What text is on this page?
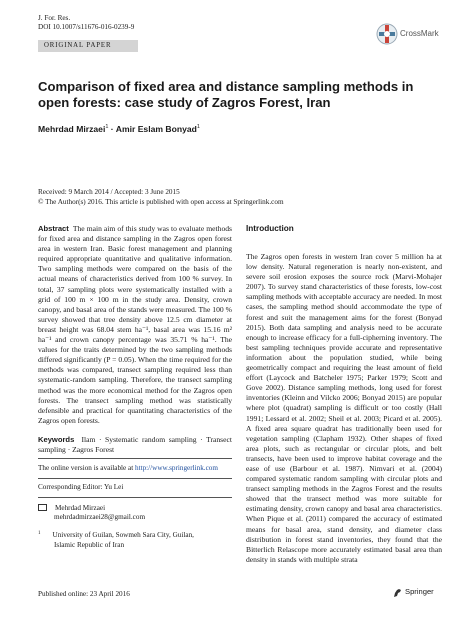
J. For. Res.
DOI 10.1007/s11676-016-0239-9
ORIGINAL PAPER
CrossMark
Comparison of fixed area and distance sampling methods in open forests: case study of Zagros Forest, Iran
Mehrdad Mirzaei$^1$ · Amir Eslam Bonyad$^1$
Received: 9 March 2014 / Accepted: 3 June 2015
© The Author(s) 2016. This article is published with open access at Springerlink.com

Abstract The main aim of this study was to evaluate methods for fixed area and distance sampling in the Zagros open forest area in western Iran. Basic forest management and planning required appropriate quantitative and qualitative information. Two sampling methods were compared on the basis of the actual means of characteristics derived from 100 % survey. In total, 37 sampling plots were systematically installed with a grid of 100 m × 100 m in the study area. Density, crown canopy, and basal area of the stands were measured. The 100 % survey showed that tree density above 12.5 cm diameter at breast height was 68.04 stem ha⁻¹, basal area was 15.16 m² ha⁻¹ and crown canopy percentage was 35.71 % ha⁻¹. The values for the traits determined by the two sampling methods differed significantly (P = 0.05). When the time required for the methods was compared, transect sampling required less than systematic-random sampling. Therefore, the transect sampling method was the more economical method for the Zagros open forests. The transect sampling method was statistically defensible and practical for quantitating characteristics of the Zagros open forests.

Keywords Ilam · Systematic random sampling · Transect sampling · Zagros Forest

The online version is available at http://www.springerlink.com
Corresponding Editor: Yu Lei
Mehrdad Mirzaei
mehrdadmirzaei28@gmail.com
$^1$ University of Guilan, Sowmeh Sara City, Guilan,
Islamic Republic of Iran
Introduction

The Zagros open forests in western Iran cover 5 million ha at low density. Natural regeneration is nearly non-existent, and severe soil erosion exposes the source rock (Marvi-Mohajer 2007). To survey stand characteristics of these forests, low-cost sampling methods with acceptable accuracy are needed. In most cases, the sampling method should accommodate the type of forest and suit the management aims for the forest (Bonyad 2015). Both data sampling and analysis need to be accurate enough to increase efficacy for a full-cipherning inventory. The best sampling techniques provide accurate and representative information about the population studied, while being geometrically compact and requiring the least amount of field effort (Laycock and Batcheler 1975; Parker 1979; Scott and Gove 2002). Distance sampling methods, long used for forest inventories (Kleinn and Vilcko 2006; Bonyad 2015) are popular where plot (quadrat) sampling is difficult or too costly (Hall 1991; Lessard et al. 2002; Sheil et al. 2003; Picard et al. 2005). A fixed area square quadrat has traditionally been used for vegetation sampling (Clapham 1932). Other shapes of fixed area plots, such as rectangular or circular plots, and belt transects, have been used to improve habitat coverage and the ease of use (Barbour et al. 1987). Nimvari et al. (2004) compared systematic random sampling with circular plots and transect sampling methods in the Zagros Forest and the results showed that the transect method was more suitable for estimating density, crown canopy and basal area characteristics. When Pique et al. (2011) compared the accuracy of estimated means for basal area, stand density, and diameter class distribution in forest stand inventories, they found that the Bitterlich Relascope more accurately estimated basal area than density in stands with multiple strata

Published online: 23 April 2016	Springer
